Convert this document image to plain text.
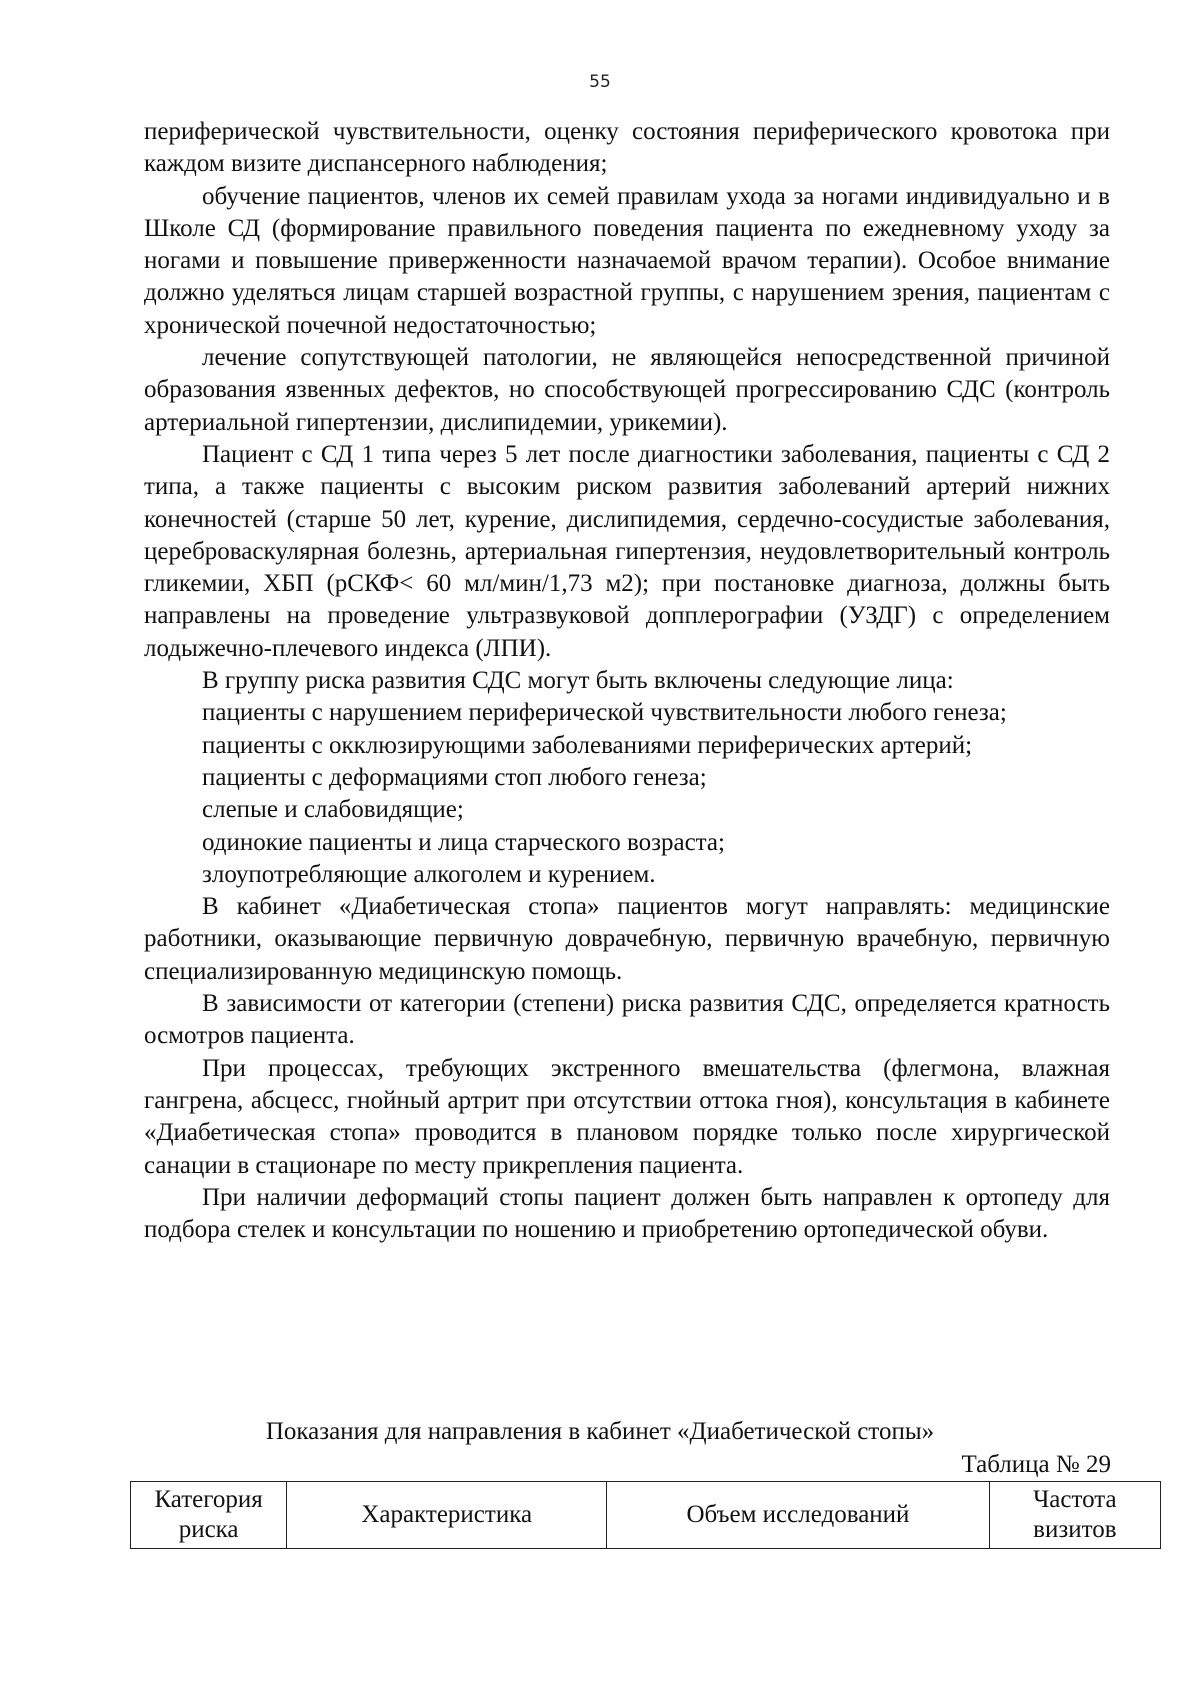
55

периферической чувствительности, оценку состояния периферического кровотока при каждом визите диспансерного наблюдения;

обучение пациентов, членов их семей правилам ухода за ногами индивидуально и в Школе СД (формирование правильного поведения пациента по ежедневному уходу за ногами и повышение приверженности назначаемой врачом терапии). Особое внимание должно уделяться лицам старшей возрастной группы, с нарушением зрения, пациентам с хронической почечной недостаточностью;

лечение сопутствующей патологии, не являющейся непосредственной причиной образования язвенных дефектов, но способствующей прогрессированию СДС (контроль артериальной гипертензии, дислипидемии, урикемии).

Пациент с СД 1 типа через 5 лет после диагностики заболевания, пациенты с СД 2 типа, а также пациенты с высоким риском развития заболеваний артерий нижних конечностей (старше 50 лет, курение, дислипидемия, сердечно-сосудистые заболевания, цереброваскулярная болезнь, артериальная гипертензия, неудовлетворительный контроль гликемии, ХБП (рСКФ< 60 мл/мин/1,73 м2); при постановке диагноза, должны быть направлены на проведение ультразвуковой допплерографии (УЗДГ) с определением лодыжечно-плечевого индекса (ЛПИ).

В группу риска развития СДС могут быть включены следующие лица:

пациенты с нарушением периферической чувствительности любого генеза;

пациенты с окклюзирующими заболеваниями периферических артерий;

пациенты с деформациями стоп любого генеза;

слепые и слабовидящие;

одинокие пациенты и лица старческого возраста;

злоупотребляющие алкоголем и курением.

В кабинет «Диабетическая стопа» пациентов могут направлять: медицинские работники, оказывающие первичную доврачебную, первичную врачебную, первичную специализированную медицинскую помощь.

В зависимости от категории (степени) риска развития СДС, определяется кратность осмотров пациента.

При процессах, требующих экстренного вмешательства (флегмона, влажная гангрена, абсцесс, гнойный артрит при отсутствии оттока гноя), консультация в кабинете «Диабетическая стопа» проводится в плановом порядке только после хирургической санации в стационаре по месту прикрепления пациента.

При наличии деформаций стопы пациент должен быть направлен к ортопеду для подбора стелек и консультации по ношению и приобретению ортопедической обуви.

Показания для направления в кабинет «Диабетической стопы»
Таблица № 29
Категория риска	Характеристика	Объем исследований	Частота визитов
